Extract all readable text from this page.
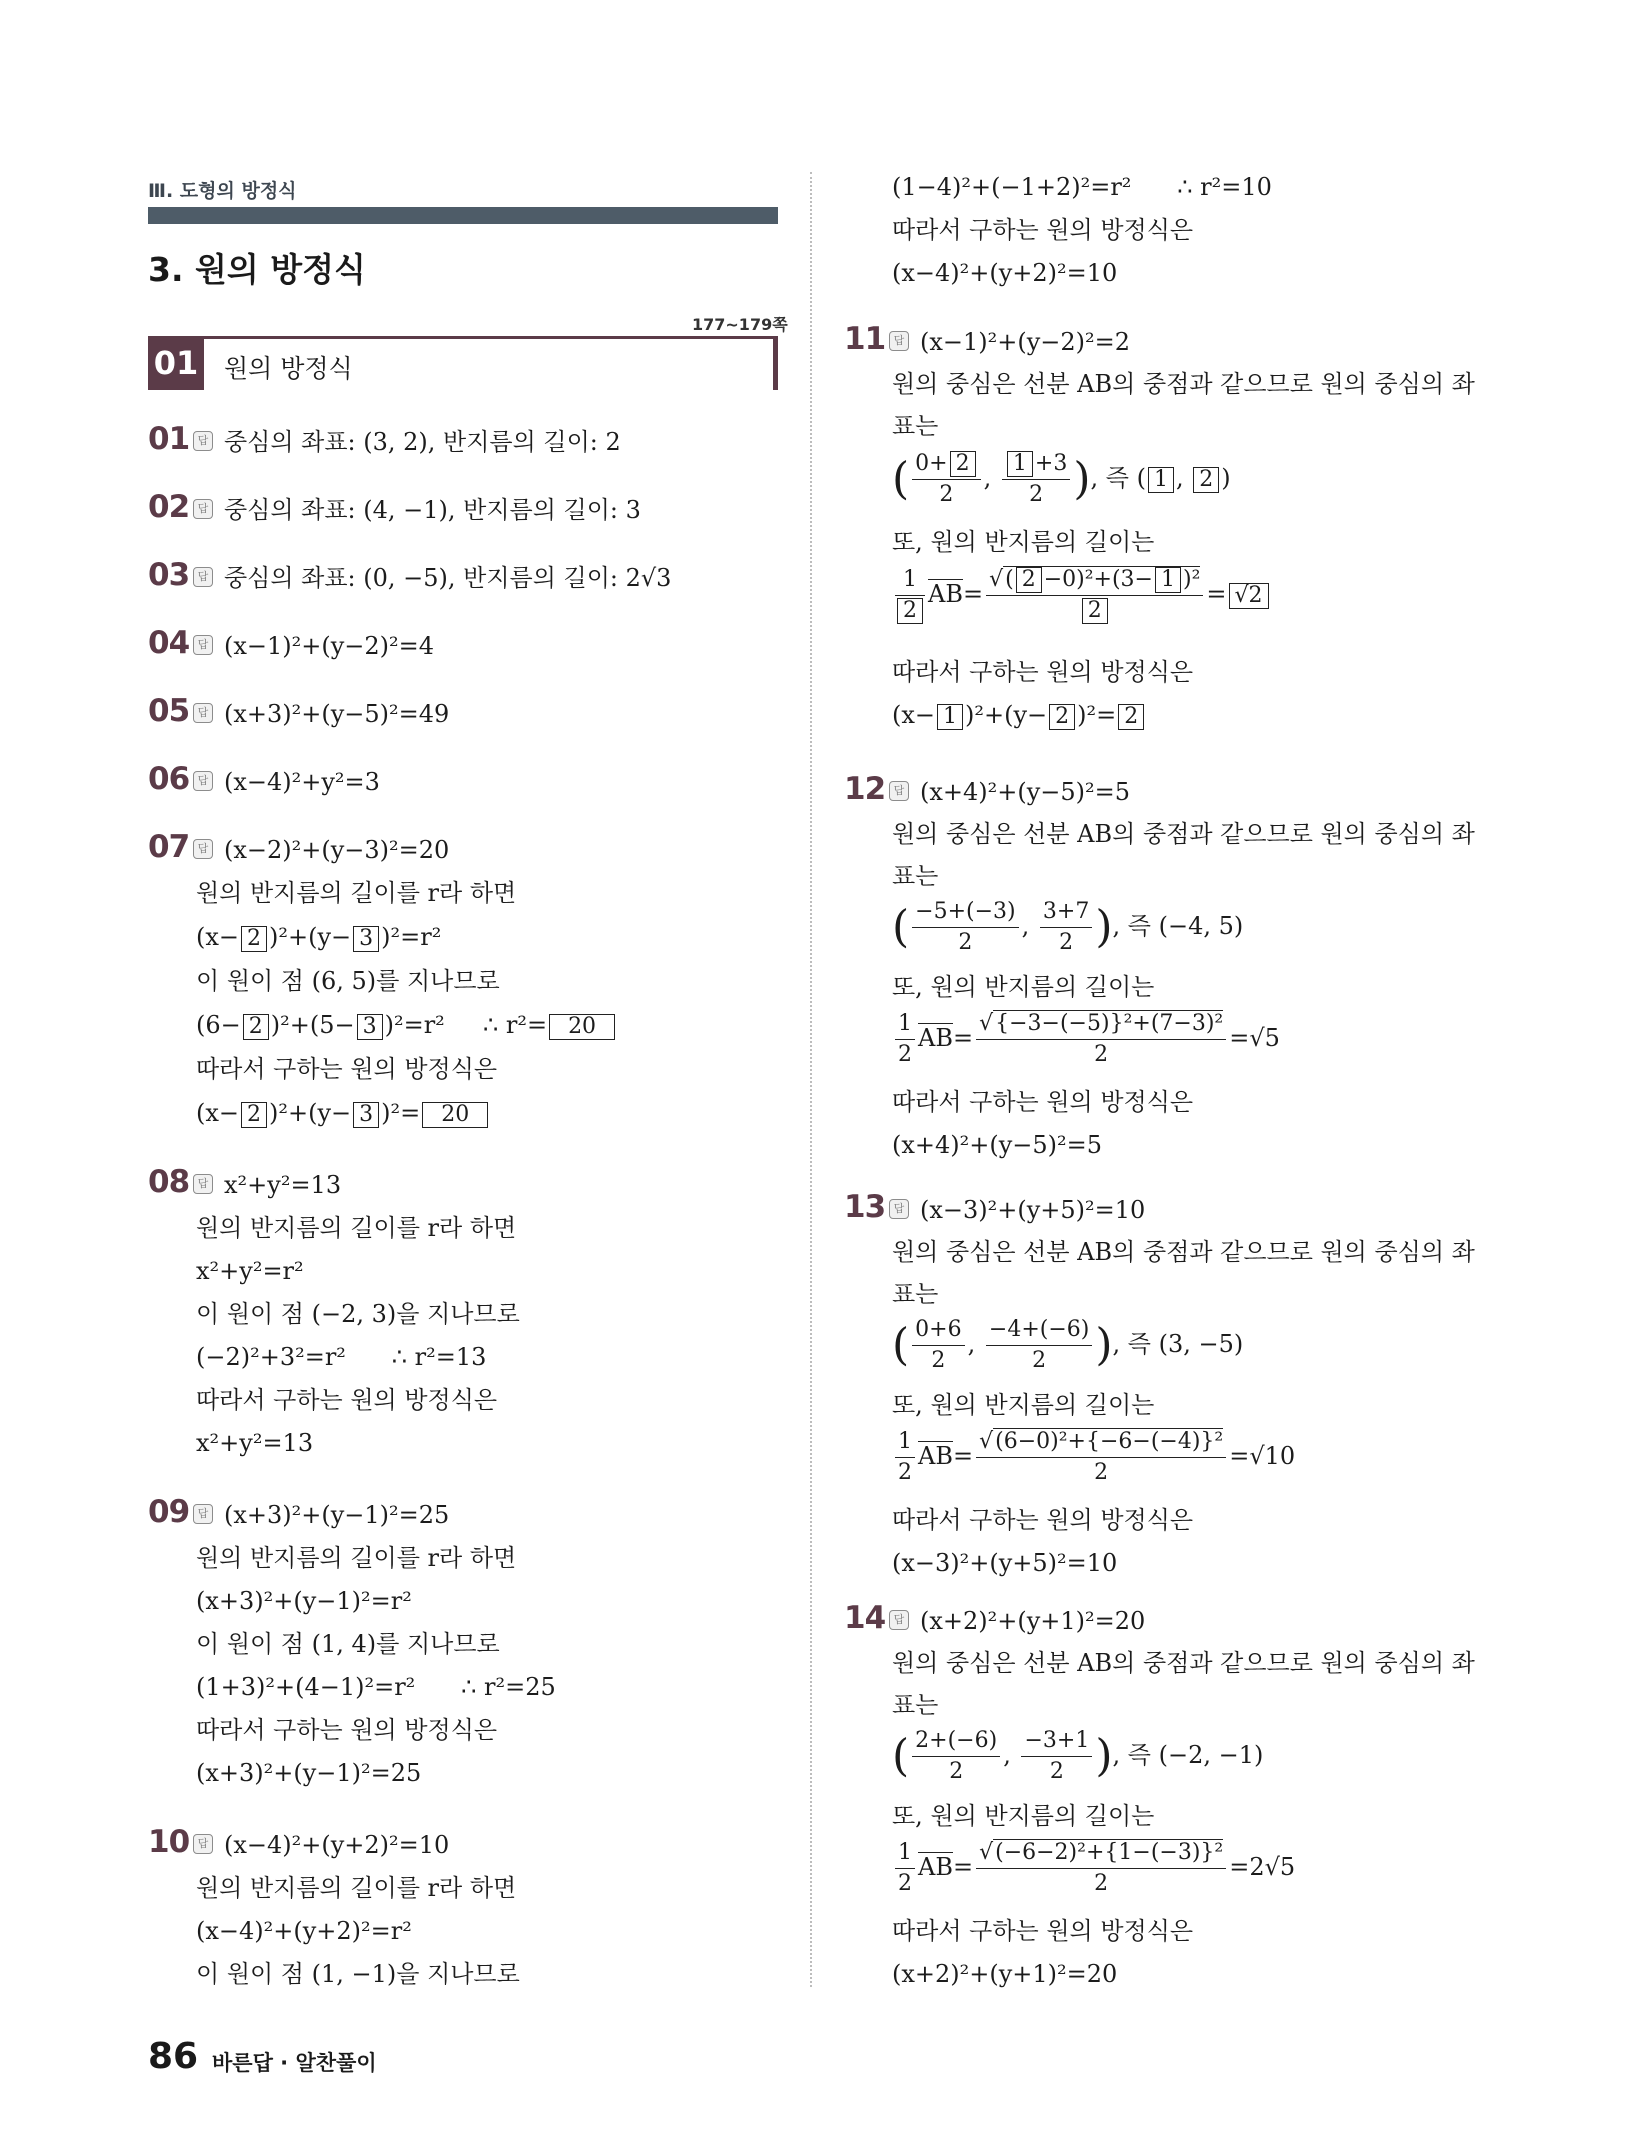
Ⅲ. 도형의 방정식
3. 원의 방정식
177~179쪽
01 원의 방정식
01 답 중심의 좌표: (3, 2), 반지름의 길이: 2
02 답 중심의 좌표: (4, −1), 반지름의 길이: 3
03 답 중심의 좌표: (0, −5), 반지름의 길이: 2√3
04 답 (x−1)²+(y−2)²=4
05 답 (x+3)²+(y−5)²=49
06 답 (x−4)²+y²=3
07 답 (x−2)²+(y−3)²=20
원의 반지름의 길이를 r라 하면
(x− 2 )²+(y− 3 )²=r²
이 원이 점 (6, 5)를 지나므로
(6− 2 )²+(5− 3 )²=r² ∴ r²= 20
따라서 구하는 원의 방정식은
(x− 2 )²+(y− 3 )²= 20
08 답 x²+y²=13
원의 반지름의 길이를 r라 하면
x²+y²=r²
이 원이 점 (−2, 3)을 지나므로
(−2)²+3²=r² ∴ r²=13
따라서 구하는 원의 방정식은
x²+y²=13
09 답 (x+3)²+(y−1)²=25
원의 반지름의 길이를 r라 하면
(x+3)²+(y−1)²=r²
이 원이 점 (1, 4)를 지나므로
(1+3)²+(4−1)²=r² ∴ r²=25
따라서 구하는 원의 방정식은
(x+3)²+(y−1)²=25
10 답 (x−4)²+(y+2)²=10
원의 반지름의 길이를 r라 하면
(x−4)²+(y+2)²=r²
이 원이 점 (1, −1)을 지나므로
(1−4)²+(−1+2)²=r² ∴ r²=10
따라서 구하는 원의 방정식은
(x−4)²+(y+2)²=10
11 답 (x−1)²+(y−2)²=2
원의 중심은 선분 AB의 중점과 같으므로 원의 중심의 좌
표는
( $\frac{0+ 2}{2}$ , $\frac{1 +3}{2}$ ), 즉 ( 1 , 2 )
또, 원의 반지름의 길이는
$\frac{1}{2} AB= \frac{\text{√( 2 −0)²+(3− 1 )²}}{2} = √2$
따라서 구하는 원의 방정식은
(x− 1 )²+(y− 2 )²= 2
12 답 (x+4)²+(y−5)²=5
원의 중심은 선분 AB의 중점과 같으므로 원의 중심의 좌
표는
( $\frac{-5+(-3)}{2}$ , $\frac{3+7}{2}$ ), 즉 (−4, 5)
또, 원의 반지름의 길이는
$\frac{1}{2} AB= \frac{\text{√\{−3−(−5)\}²+(7−3)²}}{2} =√5$
따라서 구하는 원의 방정식은
(x+4)²+(y−5)²=5
13 답 (x−3)²+(y+5)²=10
원의 중심은 선분 AB의 중점과 같으므로 원의 중심의 좌
표는
( $\frac{0+6}{2}$ , $\frac{-4+(-6)}{2}$ ), 즉 (3, −5)
또, 원의 반지름의 길이는
$\frac{1}{2} AB= \frac{\text{√(6−0)²+\{−6−(−4)\}²}}{2} =√10$
따라서 구하는 원의 방정식은
(x−3)²+(y+5)²=10
14 답 (x+2)²+(y+1)²=20
원의 중심은 선분 AB의 중점과 같으므로 원의 중심의 좌
표는
( $\frac{2+(-6)}{2}$ , $\frac{-3+1}{2}$ ), 즉 (−2, −1)
또, 원의 반지름의 길이는
$\frac{1}{2} AB= \frac{\text{√(−6−2)²+\{1−(−3)\}²}}{2} =2√5$
따라서 구하는 원의 방정식은
(x+2)²+(y+1)²=20
86 바른답 · 알찬풀이
